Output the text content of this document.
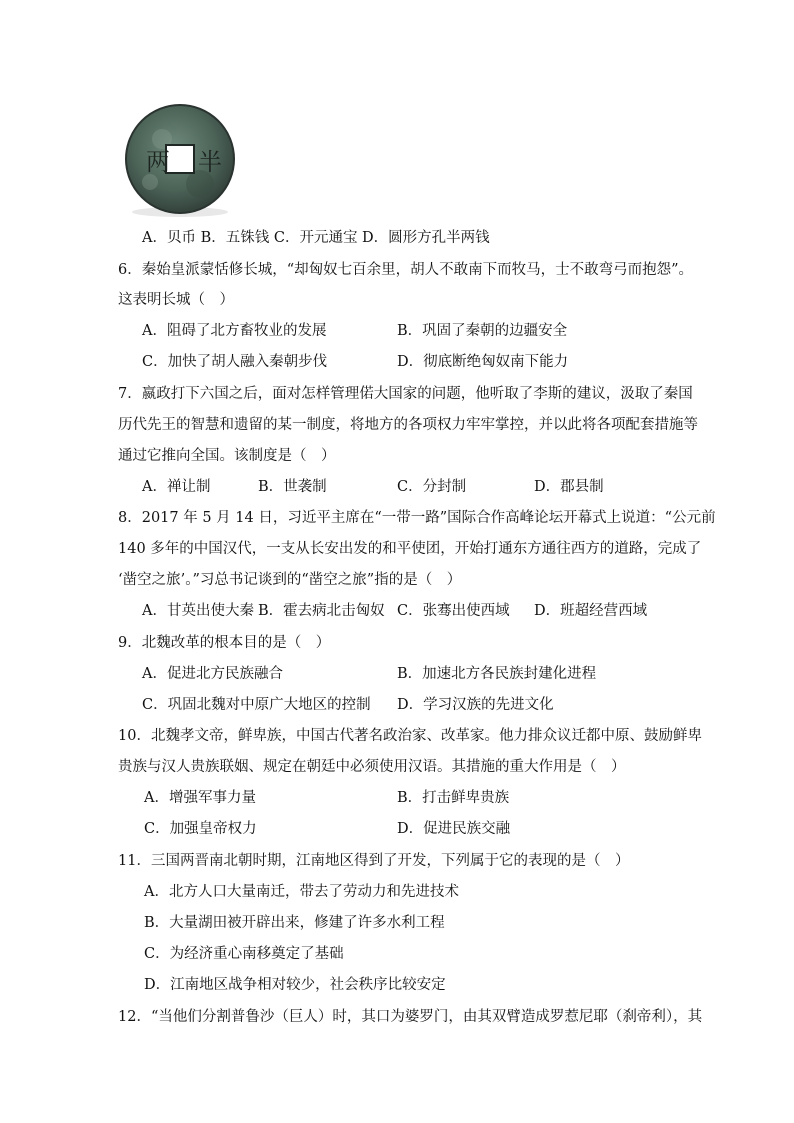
两 半
A．贝币 B．五铢钱 C．开元通宝 D．圆形方孔半两钱
6．秦始皇派蒙恬修长城，“却匈奴七百余里，胡人不敢南下而牧马，士不敢弯弓而抱怨”。
这表明长城（　）
A．阻碍了北方畜牧业的发展	B．巩固了秦朝的边疆安全
C．加快了胡人融入秦朝步伐	D．彻底断绝匈奴南下能力
7．嬴政打下六国之后，面对怎样管理偌大国家的问题，他听取了李斯的建议，汲取了秦国
历代先王的智慧和遗留的某一制度，将地方的各项权力牢牢掌控，并以此将各项配套措施等
通过它推向全国。该制度是（　）
A．禅让制	B．世袭制	C．分封制	D．郡县制
8．2017 年 5 月 14 日，习近平主席在“一带一路”国际合作高峰论坛开幕式上说道：“公元前
140 多年的中国汉代，一支从长安出发的和平使团，开始打通东方通往西方的道路，完成了
‘凿空之旅’。”习总书记谈到的“凿空之旅”指的是（　）
A．甘英出使大秦 B．霍去病北击匈奴 C．张骞出使西域 D．班超经营西域
9．北魏改革的根本目的是（　）
A．促进北方民族融合	B．加速北方各民族封建化进程
C．巩固北魏对中原广大地区的控制 D．学习汉族的先进文化
10．北魏孝文帝，鲜卑族，中国古代著名政治家、改革家。他力排众议迁都中原、鼓励鲜卑
贵族与汉人贵族联姻、规定在朝廷中必须使用汉语。其措施的重大作用是（　）
A．增强军事力量	B．打击鲜卑贵族
C．加强皇帝权力	D．促进民族交融
11．三国两晋南北朝时期，江南地区得到了开发，下列属于它的表现的是（　）
A．北方人口大量南迁，带去了劳动力和先进技术
B．大量湖田被开辟出来，修建了许多水利工程
C．为经济重心南移奠定了基础
D．江南地区战争相对较少，社会秩序比较安定
12．“当他们分割普鲁沙（巨人）时，其口为婆罗门，由其双臂造成罗惹尼耶（刹帝利），其
